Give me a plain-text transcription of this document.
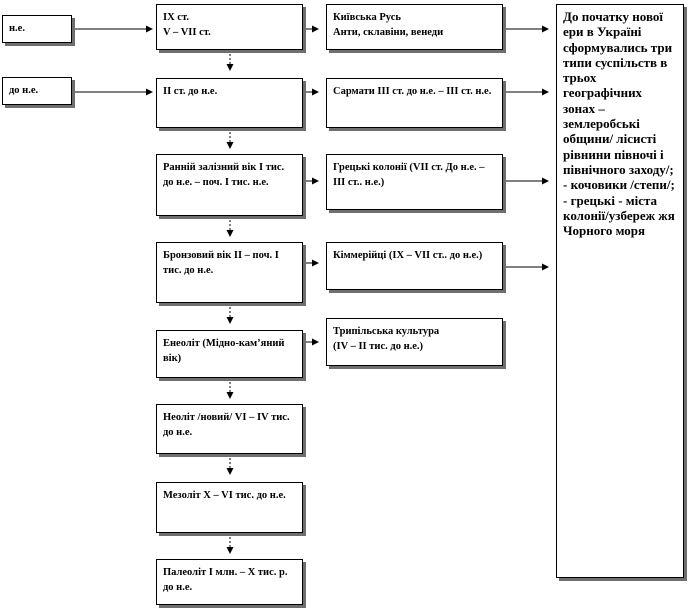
н.е.
до н.е.
IX ст.
V – VII ст.
ІІ ст. до н.е.
Ранній залізний вік І тис. до н.е. – поч. І тис. н.е.
Бронзовий вік ІІ – поч. І тис. до н.е.
Енеоліт (Мідно-кам’яний вік)
Неоліт /новий/ VI – IV тис. до н.е.
Мезоліт X – VI тис. до н.е.
Палеоліт І млн. – Х тис. р. до н.е.
Київська Русь
Анти, склавіни, венеди
Сармати ІІІ ст. до н.е. – ІІІ ст. н.е.
Грецькі колонії (VII ст. До н.е. – ІІІ ст.. н.е.)
Кіммерійці (IX – VII ст.. до н.е.)
Трипільська культура
(IV – II тис. до н.е.)
До початку нової ери в Україні сформувались три типи суспільств в трьох географічних зонах – землеробські общини/ лісисті рівнини півночі і
північного заходу/; - кочовики /степи/; - грецькі - міста колонії/узбереж жя Чорного моря
